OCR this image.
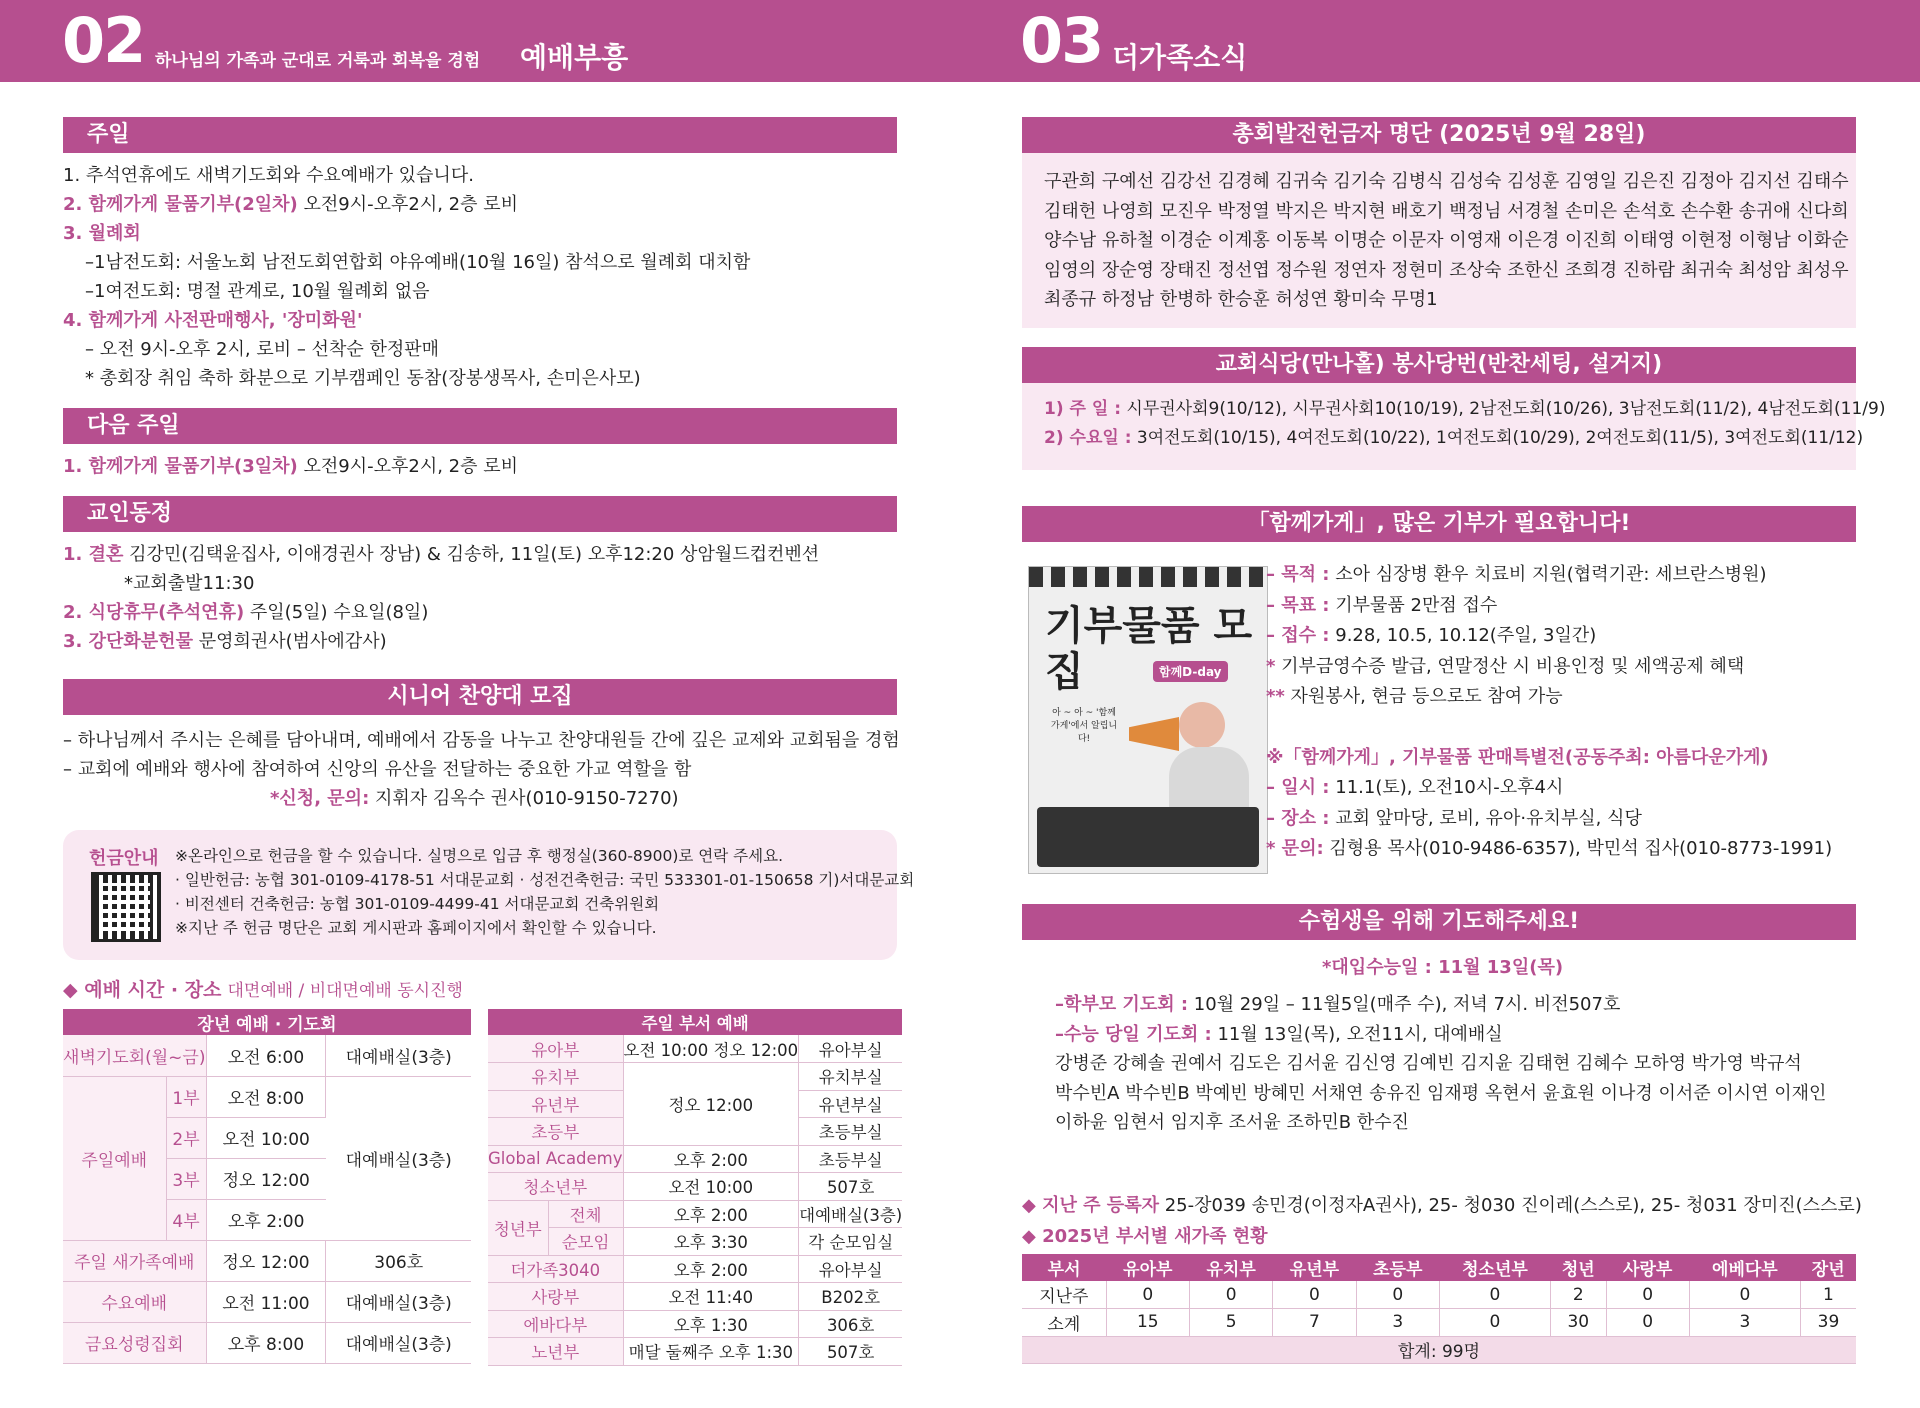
02 하나님의 가족과 군대로 거룩과 회복을 경험 예배부흥	03 더가족소식
주일
1. 추석연휴에도 새벽기도회와 수요예배가 있습니다.
2. 함께가게 물품기부(2일차) 오전9시-오후2시, 2층 로비
3. 월례회
–1남전도회: 서울노회 남전도회연합회 야유예배(10월 16일) 참석으로 월례회 대치함
–1여전도회: 명절 관계로, 10월 월례회 없음
4. 함께가게 사전판매행사, '장미화원'
– 오전 9시-오후 2시, 로비 – 선착순 한정판매
* 총회장 취임 축하 화분으로 기부캠페인 동참(장봉생목사, 손미은사모)
다음 주일
1. 함께가게 물품기부(3일차) 오전9시-오후2시, 2층 로비
교인동정
1. 결혼 김강민(김택윤집사, 이애경권사 장남) & 김송하, 11일(토) 오후12:20 상암월드컵컨벤션
*교회출발11:30
2. 식당휴무(추석연휴) 주일(5일) 수요일(8일)
3. 강단화분헌물 문영희권사(범사에감사)
시니어 찬양대 모집
– 하나님께서 주시는 은혜를 담아내며, 예배에서 감동을 나누고 찬양대원들 간에 깊은 교제와 교회됨을 경험
– 교회에 예배와 행사에 참여하여 신앙의 유산을 전달하는 중요한 가교 역할을 함
*신청, 문의: 지휘자 김옥수 권사(010-9150-7270)
헌금안내 ※온라인으로 헌금을 할 수 있습니다. 실명으로 입금 후 행정실(360-8900)로 연락 주세요.
· 일반헌금: 농협 301-0109-4178-51 서대문교회 · 성전건축헌금: 국민 533301-01-150658 기)서대문교회
· 비전센터 건축헌금: 농협 301-0109-4499-41 서대문교회 건축위원회
※지난 주 헌금 명단은 교회 게시판과 홈페이지에서 확인할 수 있습니다.
◆ 예배 시간 · 장소 대면예배 / 비대면예배 동시진행
장년 예배 · 기도회			
새벽기도회(월~금)		오전 6:00	대예배실(3층)
주일예배	1부	오전 8:00	대예배실(3층)
	2부	오전 10:00	
	3부	정오 12:00	
	4부	오후 2:00	
주일 새가족예배		정오 12:00	306호
수요예배		오전 11:00	대예배실(3층)
금요성령집회		오후 8:00	대예배실(3층)
주일 부서 예배			
유아부		오전 10:00 정오 12:00	유아부실
유치부		정오 12:00	유치부실
유년부			유년부실
초등부			초등부실
Global Academy		오후 2:00	초등부실
청소년부		오전 10:00	507호
청년부	전체	오후 2:00	대예배실(3층)
	순모임	오후 3:30	각 순모임실
더가족3040		오후 2:00	유아부실
사랑부		오전 11:40	B202호
에바다부		오후 1:30	306호
노년부		매달 둘째주 오후 1:30	507호
총회발전헌금자 명단 (2025년 9월 28일)
구관희 구예선 김강선 김경혜 김귀숙 김기숙 김병식 김성숙 김성훈 김영일 김은진 김정아 김지선 김태수
김태헌 나영희 모진우 박정열 박지은 박지현 배호기 백정님 서경철 손미은 손석호 손수환 송귀애 신다희
양수남 유하철 이경순 이계홍 이동복 이명순 이문자 이영재 이은경 이진희 이태영 이현정 이형남 이화순
임영의 장순영 장태진 정선엽 정수원 정연자 정현미 조상숙 조한신 조희경 진하람 최귀숙 최성암 최성우
최종규 하정남 한병하 한승훈 허성연 황미숙 무명1
교회식당(만나홀) 봉사당번(반찬세팅, 설거지)
1) 주 일 : 시무권사회9(10/12), 시무권사회10(10/19), 2남전도회(10/26), 3남전도회(11/2), 4남전도회(11/9)
2) 수요일 : 3여전도회(10/15), 4여전도회(10/22), 1여전도회(10/29), 2여전도회(11/5), 3여전도회(11/12)
「함께가게」, 많은 기부가 필요합니다!
기부물품 모집	함께D-day
아 ~ 아 ~ '함께가게'에서 알립니다!
– 목적 : 소아 심장병 환우 치료비 지원(협력기관: 세브란스병원)
– 목표 : 기부물품 2만점 접수
– 접수 : 9.28, 10.5, 10.12(주일, 3일간)
* 기부금영수증 발급, 연말정산 시 비용인정 및 세액공제 혜택
** 자원봉사, 현금 등으로도 참여 가능
※「함께가게」, 기부물품 판매특별전(공동주최: 아름다운가게)
– 일시 : 11.1(토), 오전10시-오후4시
– 장소 : 교회 앞마당, 로비, 유아·유치부실, 식당
* 문의: 김형용 목사(010-9486-6357), 박민석 집사(010-8773-1991)
수험생을 위해 기도해주세요!
*대입수능일 : 11월 13일(목)
–학부모 기도회 : 10월 29일 – 11월5일(매주 수), 저녁 7시. 비전507호
–수능 당일 기도회 : 11월 13일(목), 오전11시, 대예배실
강병준 강혜솔 권예서 김도은 김서윤 김신영 김예빈 김지윤 김태현 김혜수 모하영 박가영 박규석
박수빈A 박수빈B 박예빈 방혜민 서채연 송유진 임재평 옥현서 윤효원 이나경 이서준 이시연 이재인
이하윤 임현서 임지후 조서윤 조하민B 한수진
◆ 지난 주 등록자 25-장039 송민경(이정자A권사), 25- 청030 진이레(스스로), 25- 청031 장미진(스스로)
◆ 2025년 부서별 새가족 현황
부서	유아부	유치부	유년부	초등부	청소년부	청년	사랑부	에베다부	장년
지난주	0	0	0	0	0	2	0	0	1
소계	15	5	7	3	0	30	0	3	39
합계: 99명									
